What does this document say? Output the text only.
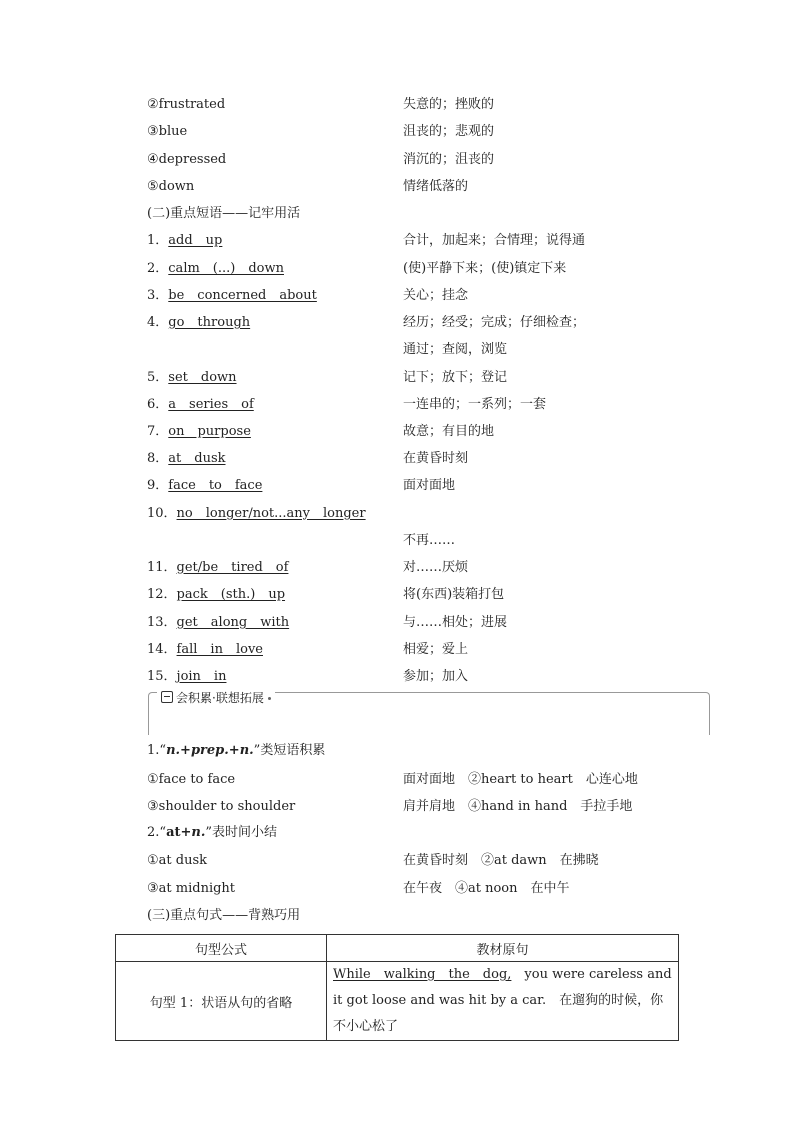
②frustrated	失意的；挫败的
③blue	沮丧的；悲观的
④depressed	消沉的；沮丧的
⑤down	情绪低落的
(二)重点短语——记牢用活
1．add　up	合计，加起来；合情理；说得通
2．calm　(...)　down	(使)平静下来；(使)镇定下来
3．be　concerned　about	关心；挂念
4．go　through	经历；经受；完成；仔细检查；
通过；查阅，浏览
5．set　down	记下；放下；登记
6．a　series　of	一连串的；一系列；一套
7．on　purpose	故意；有目的地
8．at　dusk	在黄昏时刻
9．face　to　face	面对面地
10．no　longer/not...any　longer
不再……
11．get/be　tired　of	对……厌烦
12．pack　(sth.)　up	将(东西)装箱打包
13．get　along　with	与……相处；进展
14．fall　in　love	相爱；爱上
15．join　in	参加；加入
会积累·联想拓展
1.“n.+prep.+n.”类短语积累
①face to face	面对面地　②heart to heart　心连心地
③shoulder to shoulder	肩并肩地　④hand in hand　手拉手地
2.“at+n.”表时间小结
①at dusk	在黄昏时刻　②at dawn　在拂晓
③at midnight	在午夜　④at noon　在中午
(三)重点句式——背熟巧用
句型公式	教材原句
句型 1：状语从句的省略	While　walking　the　dog,　you were careless and it got loose and was hit by a car.　在遛狗的时候，你不小心松了
